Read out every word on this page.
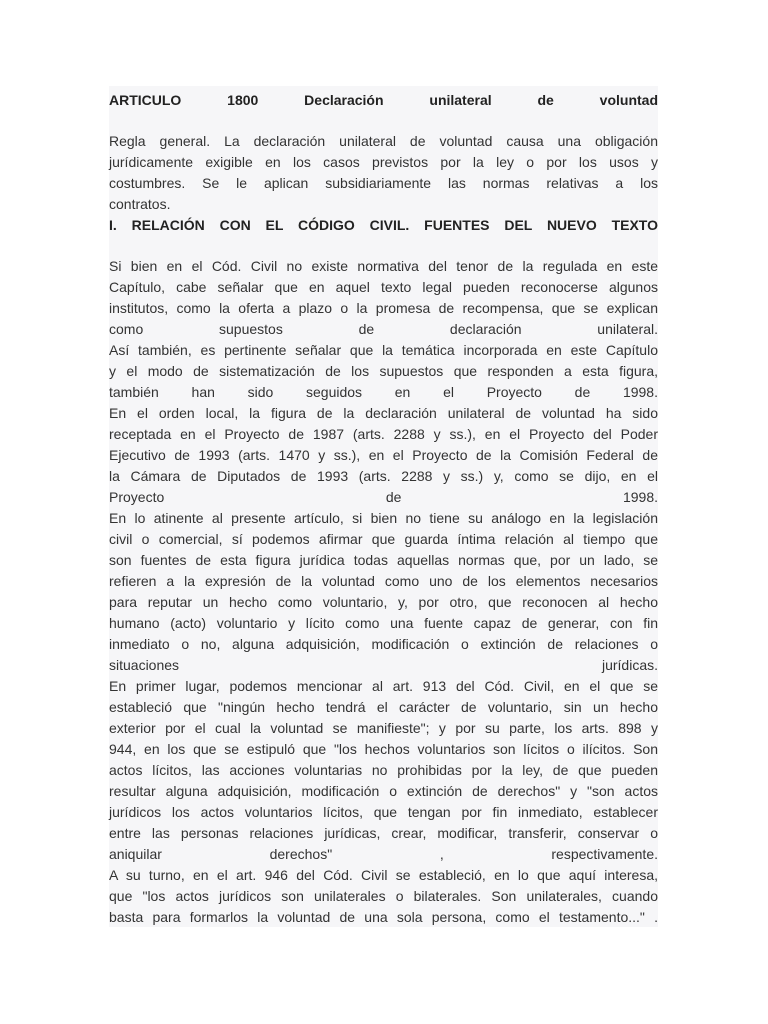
ARTICULO 1800 Declaración unilateral de voluntad
Regla general. La declaración unilateral de voluntad causa una obligación
jurídicamente exigible en los casos previstos por la ley o por los usos y
costumbres. Se le aplican subsidiariamente las normas relativas a los
contratos.
I. RELACIÓN CON EL CÓDIGO CIVIL. FUENTES DEL NUEVO TEXTO
Si bien en el Cód. Civil no existe normativa del tenor de la regulada en este
Capítulo, cabe señalar que en aquel texto legal pueden reconocerse algunos
institutos, como la oferta a plazo o la promesa de recompensa, que se explican
como supuestos de declaración unilateral.
Así también, es pertinente señalar que la temática incorporada en este Capítulo
y el modo de sistematización de los supuestos que responden a esta figura,
también han sido seguidos en el Proyecto de 1998.
En el orden local, la figura de la declaración unilateral de voluntad ha sido
receptada en el Proyecto de 1987 (arts. 2288 y ss.), en el Proyecto del Poder
Ejecutivo de 1993 (arts. 1470 y ss.), en el Proyecto de la Comisión Federal de
la Cámara de Diputados de 1993 (arts. 2288 y ss.) y, como se dijo, en el
Proyecto de 1998.
En lo atinente al presente artículo, si bien no tiene su análogo en la legislación
civil o comercial, sí podemos afirmar que guarda íntima relación al tiempo que
son fuentes de esta figura jurídica todas aquellas normas que, por un lado, se
refieren a la expresión de la voluntad como uno de los elementos necesarios
para reputar un hecho como voluntario, y, por otro, que reconocen al hecho
humano (acto) voluntario y lícito como una fuente capaz de generar, con fin
inmediato o no, alguna adquisición, modificación o extinción de relaciones o
situaciones jurídicas.
En primer lugar, podemos mencionar al art. 913 del Cód. Civil, en el que se
estableció que "ningún hecho tendrá el carácter de voluntario, sin un hecho
exterior por el cual la voluntad se manifieste"; y por su parte, los arts. 898 y
944, en los que se estipuló que "los hechos voluntarios son lícitos o ilícitos. Son
actos lícitos, las acciones voluntarias no prohibidas por la ley, de que pueden
resultar alguna adquisición, modificación o extinción de derechos" y "son actos
jurídicos los actos voluntarios lícitos, que tengan por fin inmediato, establecer
entre las personas relaciones jurídicas, crear, modificar, transferir, conservar o
aniquilar derechos" , respectivamente.
A su turno, en el art. 946 del Cód. Civil se estableció, en lo que aquí interesa,
que "los actos jurídicos son unilaterales o bilaterales. Son unilaterales, cuando
basta para formarlos la voluntad de una sola persona, como el testamento..." .
